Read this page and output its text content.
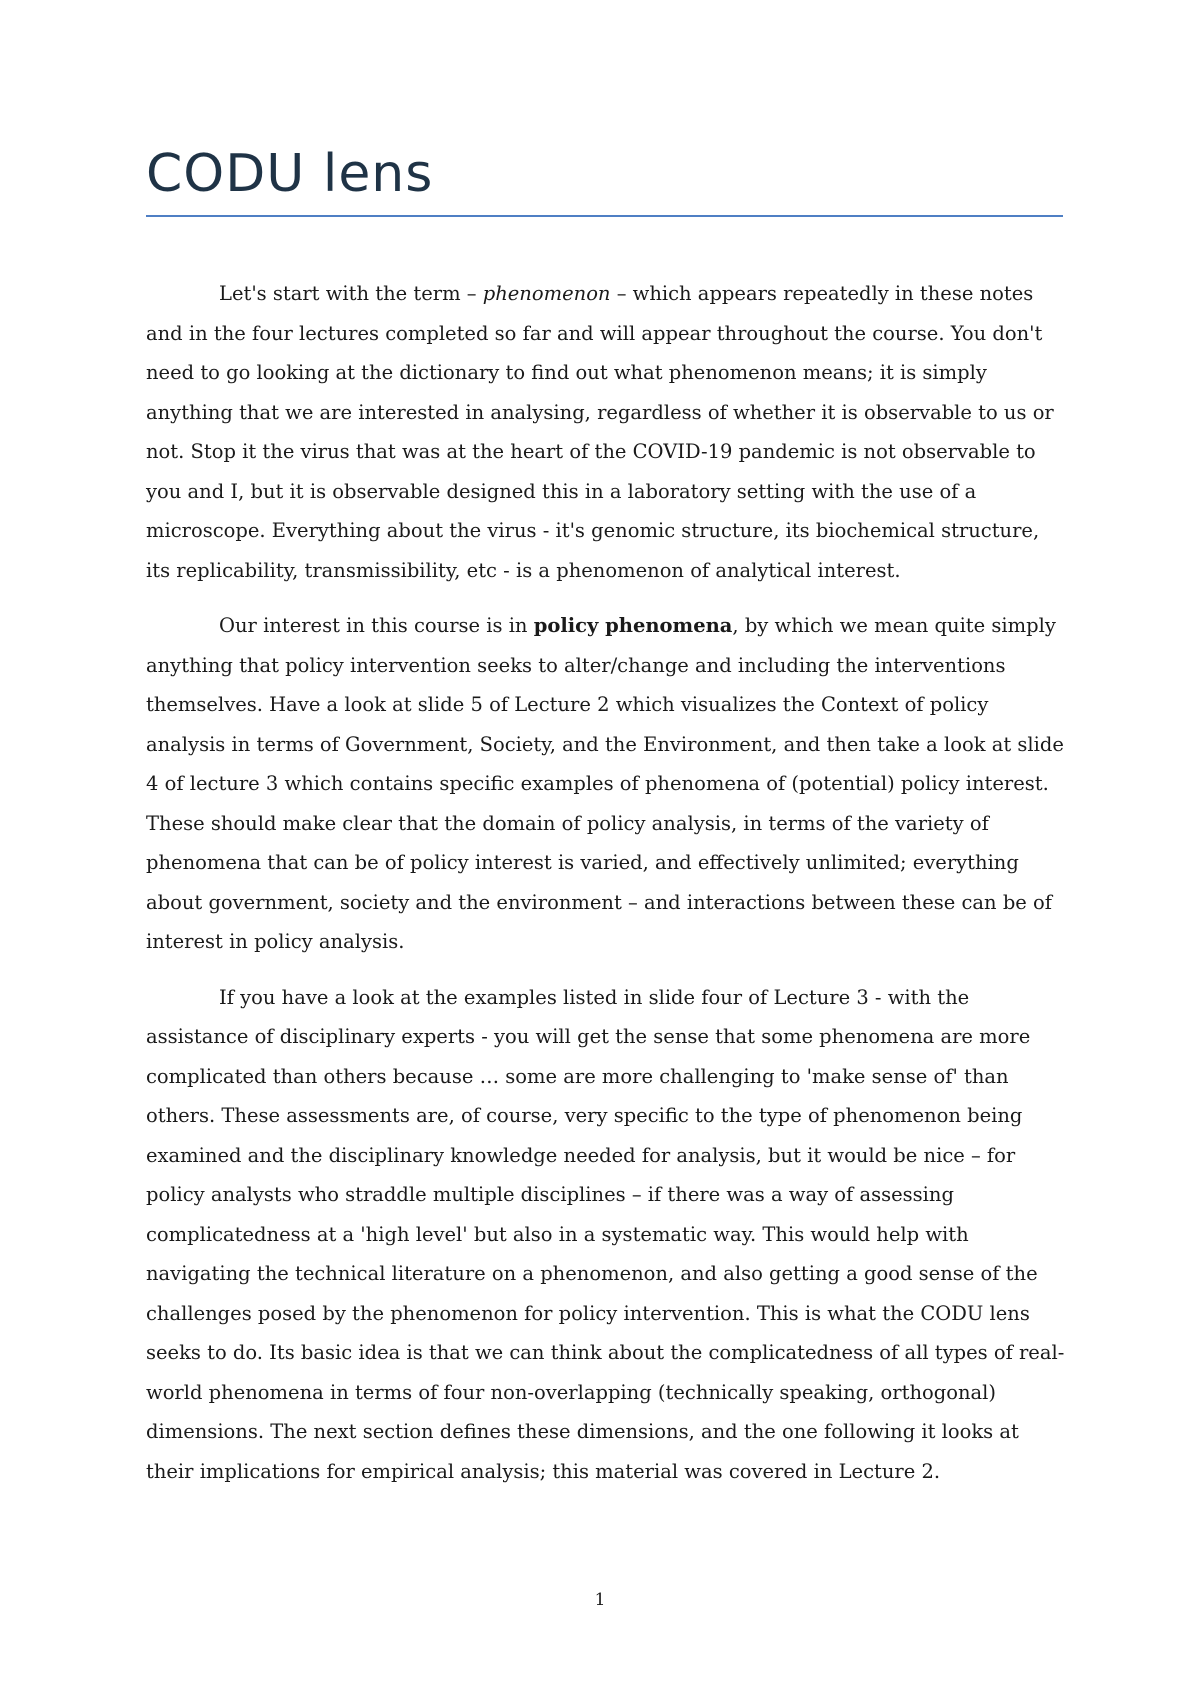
CODU lens

Let's start with the term – phenomenon – which appears repeatedly in these notes and in the four lectures completed so far and will appear throughout the course. You don't need to go looking at the dictionary to find out what phenomenon means; it is simply anything that we are interested in analysing, regardless of whether it is observable to us or not. Stop it the virus that was at the heart of the COVID-19 pandemic is not observable to you and I, but it is observable designed this in a laboratory setting with the use of a microscope. Everything about the virus - it's genomic structure, its biochemical structure, its replicability, transmissibility, etc - is a phenomenon of analytical interest.

Our interest in this course is in policy phenomena, by which we mean quite simply anything that policy intervention seeks to alter/change and including the interventions themselves. Have a look at slide 5 of Lecture 2 which visualizes the Context of policy analysis in terms of Government, Society, and the Environment, and then take a look at slide 4 of lecture 3 which contains specific examples of phenomena of (potential) policy interest. These should make clear that the domain of policy analysis, in terms of the variety of phenomena that can be of policy interest is varied, and effectively unlimited; everything about government, society and the environment – and interactions between these can be of interest in policy analysis.

If you have a look at the examples listed in slide four of Lecture 3 - with the assistance of disciplinary experts - you will get the sense that some phenomena are more complicated than others because … some are more challenging to 'make sense of' than others. These assessments are, of course, very specific to the type of phenomenon being examined and the disciplinary knowledge needed for analysis, but it would be nice – for policy analysts who straddle multiple disciplines – if there was a way of assessing complicatedness at a 'high level' but also in a systematic way. This would help with navigating the technical literature on a phenomenon, and also getting a good sense of the challenges posed by the phenomenon for policy intervention. This is what the CODU lens seeks to do. Its basic idea is that we can think about the complicatedness of all types of real-world phenomena in terms of four non-overlapping (technically speaking, orthogonal) dimensions. The next section defines these dimensions, and the one following it looks at their implications for empirical analysis; this material was covered in Lecture 2.

1
